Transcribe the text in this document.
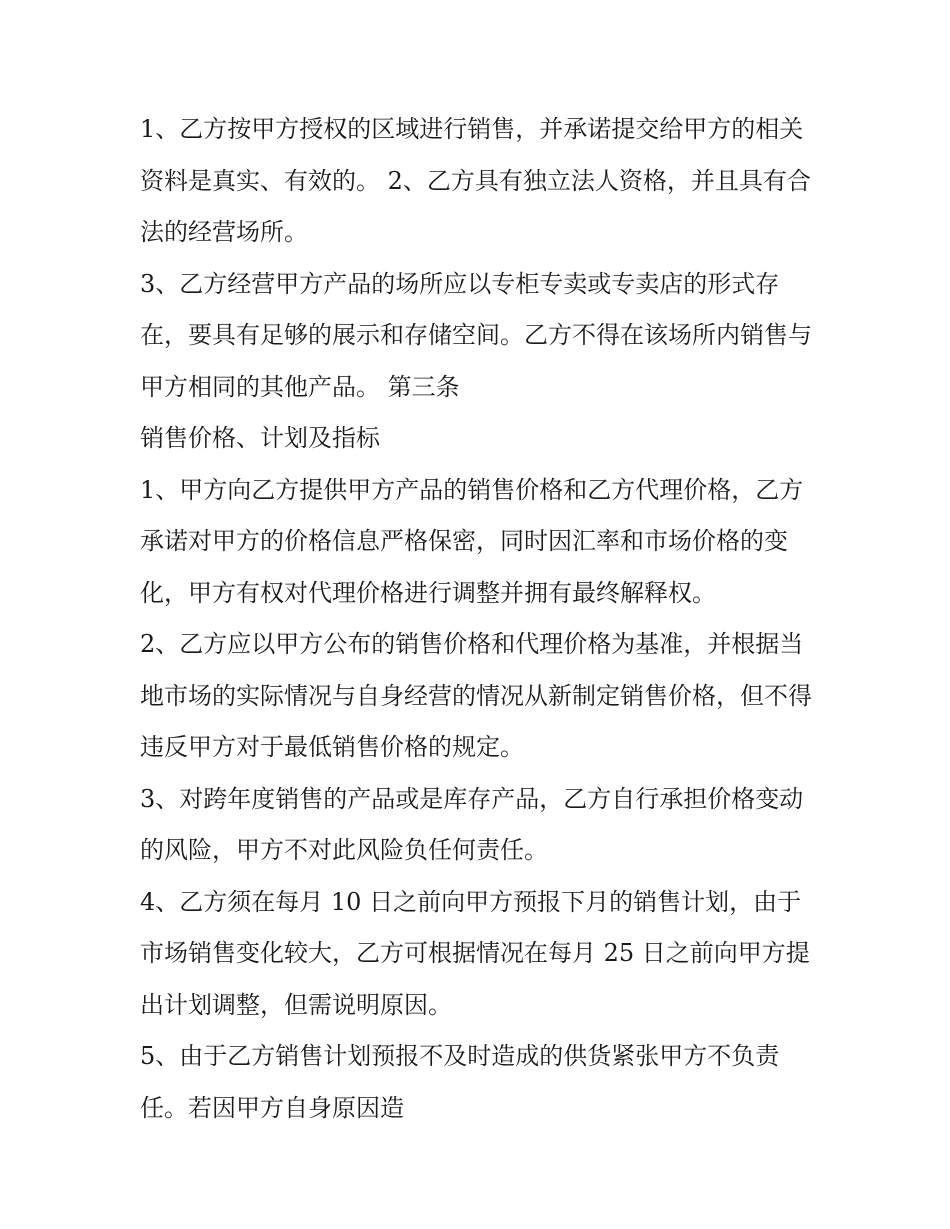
1、乙方按甲方授权的区域进行销售，并承诺提交给甲方的相关资料是真实、有效的。 2、乙方具有独立法人资格，并且具有合法的经营场所。

3、乙方经营甲方产品的场所应以专柜专卖或专卖店的形式存在，要具有足够的展示和存储空间。乙方不得在该场所内销售与甲方相同的其他产品。 第三条

销售价格、计划及指标

1、甲方向乙方提供甲方产品的销售价格和乙方代理价格，乙方承诺对甲方的价格信息严格保密，同时因汇率和市场价格的变化，甲方有权对代理价格进行调整并拥有最终解释权。

2、乙方应以甲方公布的销售价格和代理价格为基准，并根据当地市场的实际情况与自身经营的情况从新制定销售价格，但不得违反甲方对于最低销售价格的规定。

3、对跨年度销售的产品或是库存产品，乙方自行承担价格变动的风险，甲方不对此风险负任何责任。

4、乙方须在每月 10 日之前向甲方预报下月的销售计划，由于市场销售变化较大，乙方可根据情况在每月 25 日之前向甲方提出计划调整，但需说明原因。

5、由于乙方销售计划预报不及时造成的供货紧张甲方不负责任。若因甲方自身原因造
